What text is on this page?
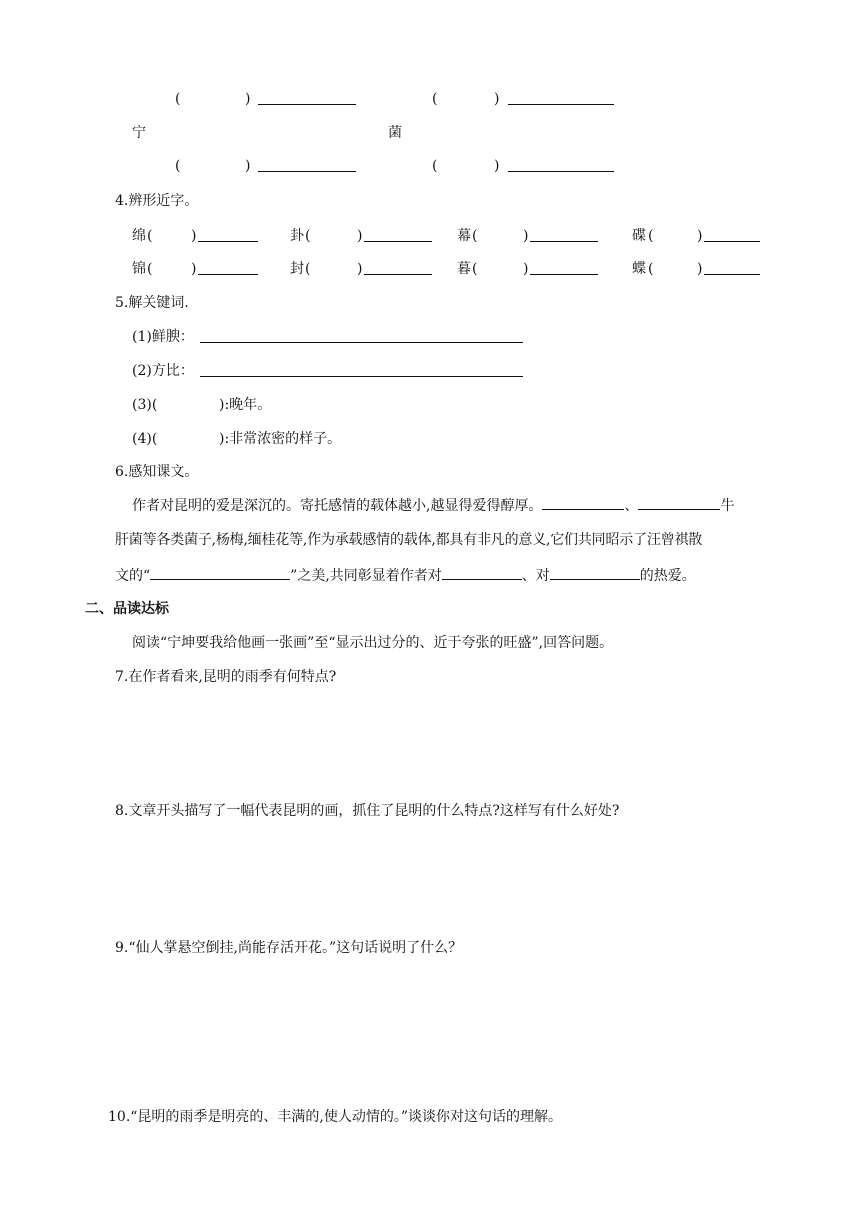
(	)	(	)
宁	菌
(	)	(	)
4.辨形近字。
绵 (	)	卦 (	)	幕 (	)	碟 (	)
锦 (	)	封 (	)	暮 (	)	蝶 (	)
5.解关键词.
(1)鲜腴：
(2)方比：
(3)(	):晚年。
(4)(	):非常浓密的样子。
6.感知课文。
作者对昆明的爱是深沉的。寄托感情的载体越小,越显得爱得醇厚。	、	牛
肝菌等各类菌子,杨梅,缅桂花等,作为承载感情的载体,都具有非凡的意义,它们共同昭示了汪曾祺散
文的“	”之美,共同彰显着作者对	、对	的热爱。
二、品读达标
阅读“宁坤要我给他画一张画”至“显示出过分的、近于夸张的旺盛”,回答问题。
7.在作者看来,昆明的雨季有何特点?
8.文章开头描写了一幅代表昆明的画，抓住了昆明的什么特点?这样写有什么好处?
9.“仙人掌悬空倒挂,尚能存活开花。”这句话说明了什么？
10.“昆明的雨季是明亮的、丰满的,使人动情的。”谈谈你对这句话的理解。
